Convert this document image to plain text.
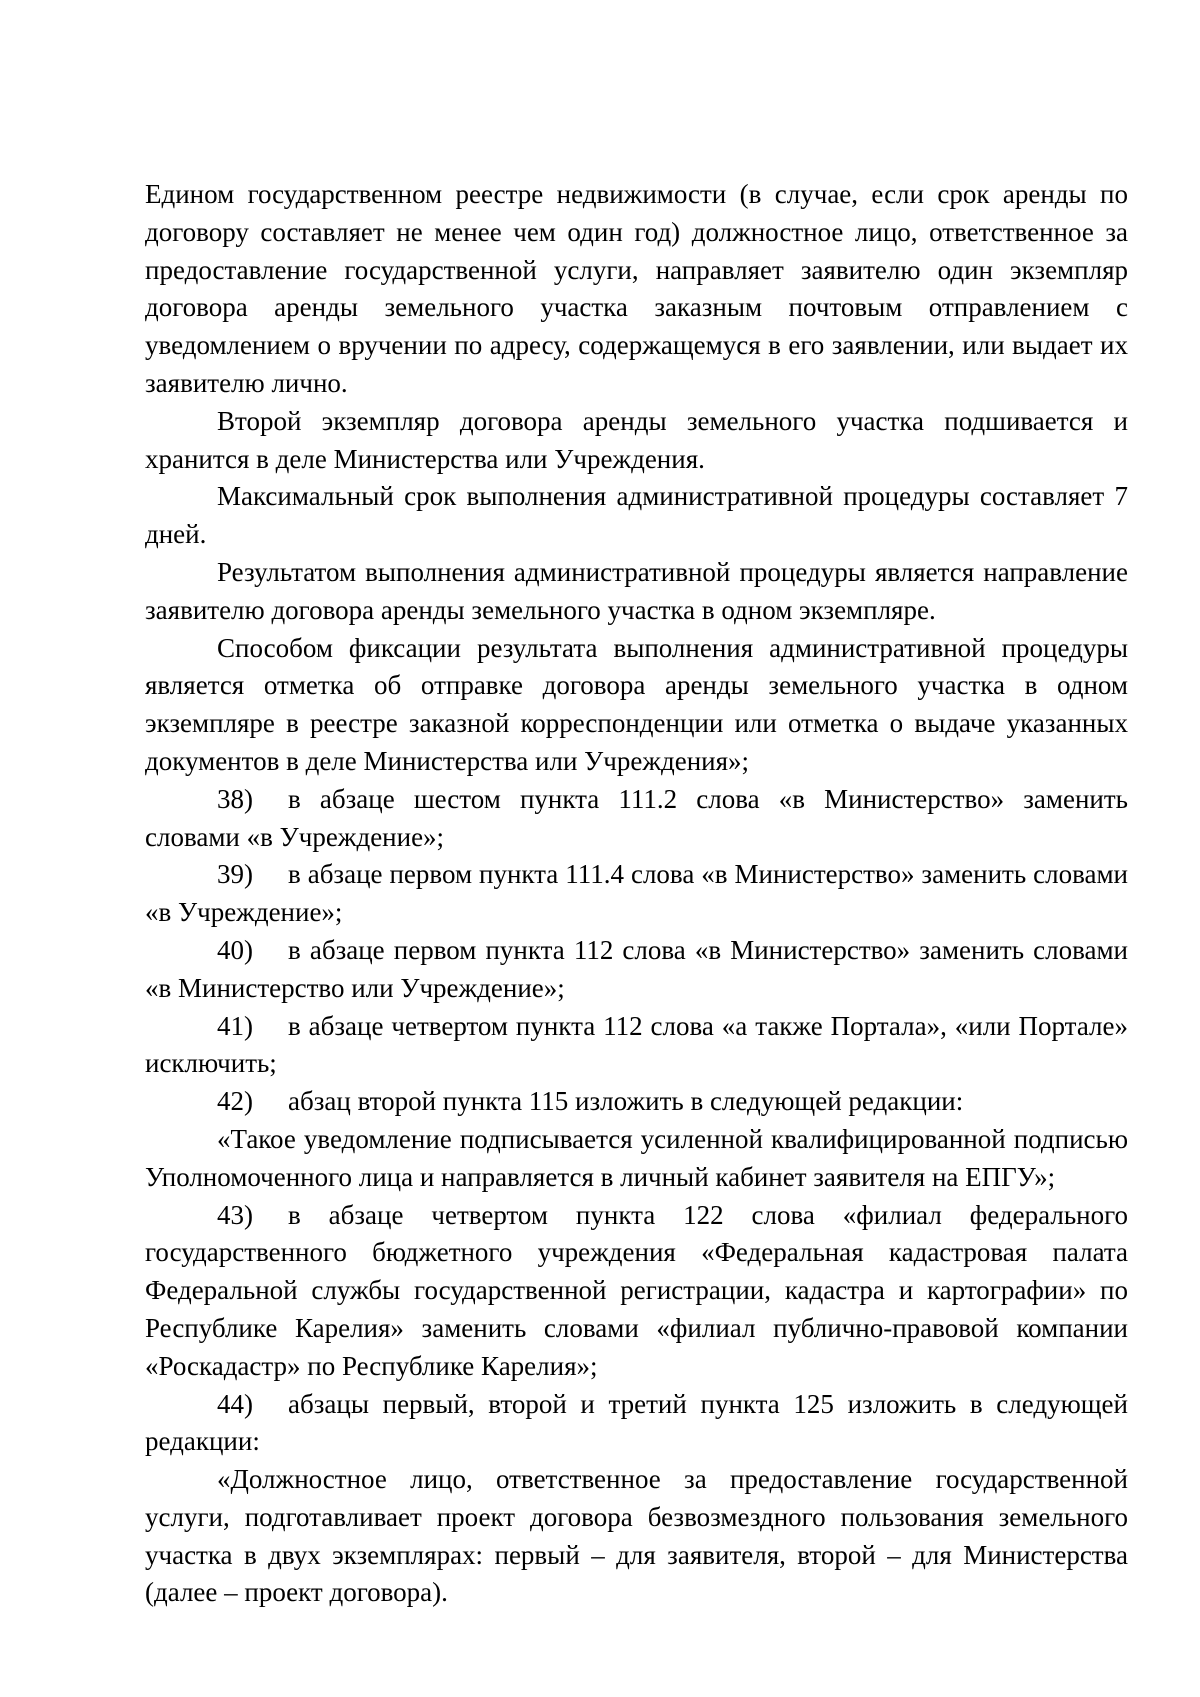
Едином государственном реестре недвижимости (в случае, если срок аренды по договору составляет не менее чем один год) должностное лицо, ответственное за предоставление государственной услуги, направляет заявителю один экземпляр договора аренды земельного участка заказным почтовым отправлением с уведомлением о вручении по адресу, содержащемуся в его заявлении, или выдает их заявителю лично.

Второй экземпляр договора аренды земельного участка подшивается и хранится в деле Министерства или Учреждения.

Максимальный срок выполнения административной процедуры составляет 7 дней.

Результатом выполнения административной процедуры является направление заявителю договора аренды земельного участка в одном экземпляре.

Способом фиксации результата выполнения административной процедуры является отметка об отправке договора аренды земельного участка в одном экземпляре в реестре заказной корреспонденции или отметка о выдаче указанных документов в деле Министерства или Учреждения»;

38) в абзаце шестом пункта 111.2 слова «в Министерство» заменить словами «в Учреждение»;

39) в абзаце первом пункта 111.4 слова «в Министерство» заменить словами «в Учреждение»;

40) в абзаце первом пункта 112 слова «в Министерство» заменить словами «в Министерство или Учреждение»;

41) в абзаце четвертом пункта 112 слова «а также Портала», «или Портале» исключить;

42) абзац второй пункта 115 изложить в следующей редакции:

«Такое уведомление подписывается усиленной квалифицированной подписью Уполномоченного лица и направляется в личный кабинет заявителя на ЕПГУ»;

43) в абзаце четвертом пункта 122 слова «филиал федерального государственного бюджетного учреждения «Федеральная кадастровая палата Федеральной службы государственной регистрации, кадастра и картографии» по Республике Карелия» заменить словами «филиал публично-правовой компании «Роскадастр» по Республике Карелия»;

44) абзацы первый, второй и третий пункта 125 изложить в следующей редакции:

«Должностное лицо, ответственное за предоставление государственной услуги, подготавливает проект договора безвозмездного пользования земельного участка в двух экземплярах: первый – для заявителя, второй – для Министерства (далее – проект договора).
